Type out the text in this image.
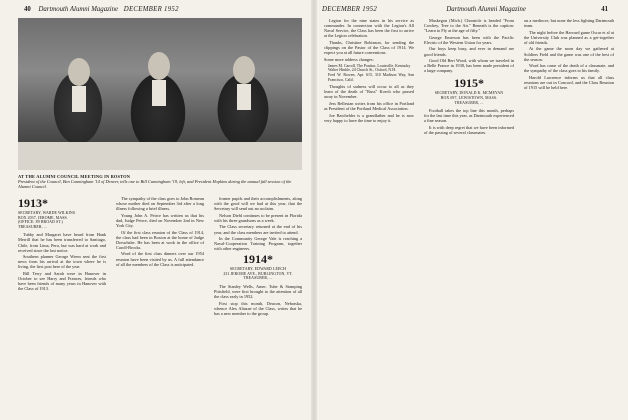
40 Dartmouth Alumni Magazine DECEMBER 1952
AT THE ALUMNI COUNCIL MEETING IN BOSTON
President of the Council, Ben Cunningham '14 of Denver, tells one to Bill Cunningham '19, left, and President Hopkins during the annual fall session of the Alumni Council.
1913*
SECRETARY, WARDE WILKINS
BOX 2037, JEROME, MASS.
(OFFICE: 89 BROAD ST.)
TREASURER, ...

Tubby and Margaret have heard from Hank Merrill that he has been transferred to Santiago, Chile, from Lima, Peru, but was hard at work and received since the last notice.

Southern planner George Wrem sent the first news from his arrival at the town where he is living, the first post here of the year.

Bill Terry and Sarah were in Hanover in October to see Harry and Frances, friends who have been friends of many years in Hanover with the Class of 1913.

The sympathy of the class goes to John Romean whose mother died on September 3rd after a long illness following a brief illness.

Young John A. Peirce has written us that his dad, Judge Peirce, died on November 2nd in New York City.

Of the first class reunion of the Class of 1914, the class had been in Boston at the home of Judge Dreuchsler. He has been at work in the office of Caroll-Brocks.

Word of the first class dinners over our 1954 reunion have been visited by us. A full attendance of all the members of the Class is anticipated.

former pupils and their accomplishments, along with the good will we had at this year, that the Secretary will send out an acclaim.

Nelson Diehl continues to be present in Florida with his three grandsons as a week.

The Class secretary returned at the end of his year, and the class members are invited to attend.

In the Community George Vale is reaching a Naval-Cooperation Training Program, together with other engineers.

1914*
SECRETARY, EDWARD LEECH
231 JEROME AVE., BURLINGTON, VT.
TREASURER, ...

The Stanley Wells, Amer. Tube & Stamping Pittsfield, were first brought to the attention of all the class early in 1952.

First stop this month, Deacon, Nebraska, whence Alex Aliazae of the Class, writes that he has a new member to the group.

DECEMBER 1952	Dartmouth Alumni Magazine	41

Legion for the nine states in his service as commander. In connection with the Legion's All Naval Service, the Class has been the first to arrive at the Legion celebration.

Thanks, Christine Robinson, for sending the clippings on the Pastor of the Class of 1914. We expect you at all future conventions.

Some more address changes:

James M. Carroll, The Pontiac, Louisville, Kentucky
Walter Hinkle, 24 Church St., Oxford, N.H.
Fred W. Bowen, Apt. 615, 310 Madison Way, San Francisco, Calif.

Thoughts of sadness will occur to all as they learn of the death of "Russ" Koech who passed away in November.

Jess Bellesian writes from his office in Portland as President of the Portland Medical Association.

Joe Batchelder is a grandfather and he is now very happy to have the time to enjoy it.

Muskegon (Mich.) Chronicle is headed "From Cowbey, Tree to the Air." Beneath is the caption: "Learn to Fly at the age of fifty."

George Emerson has been with the Pacific Electric of the Western Union for years.

Our boys keep busy, and ever in demand are good friends.

Good Old Bert Wood, with whom we traveled in a Belle France in 1938, has been made president of a large company.

1915*
SECRETARY, DONALD K. MCMEYAN
BOX 697, LEWISTOWN, MASS.
TREASURER, ...

Football takes the top line this month, perhaps for the last time this year, as Dartmouth experienced a fine season.

It is with deep regret that we have been informed of the passing of several classmates.

on a mediocre, but none the less fighting Dartmouth team.

The night before the Harvard game Oscar et al at the University Club was planned as a get-together of old friends.

At the game the noon day we gathered at Soldiers Field and the game was one of the best of the season.

Word has come of the death of a classmate, and the sympathy of the class goes to his family.

Harold Lawrence informs us that all class reunions are out in Concord, and the Class Reunion of 1915 will be held here.
